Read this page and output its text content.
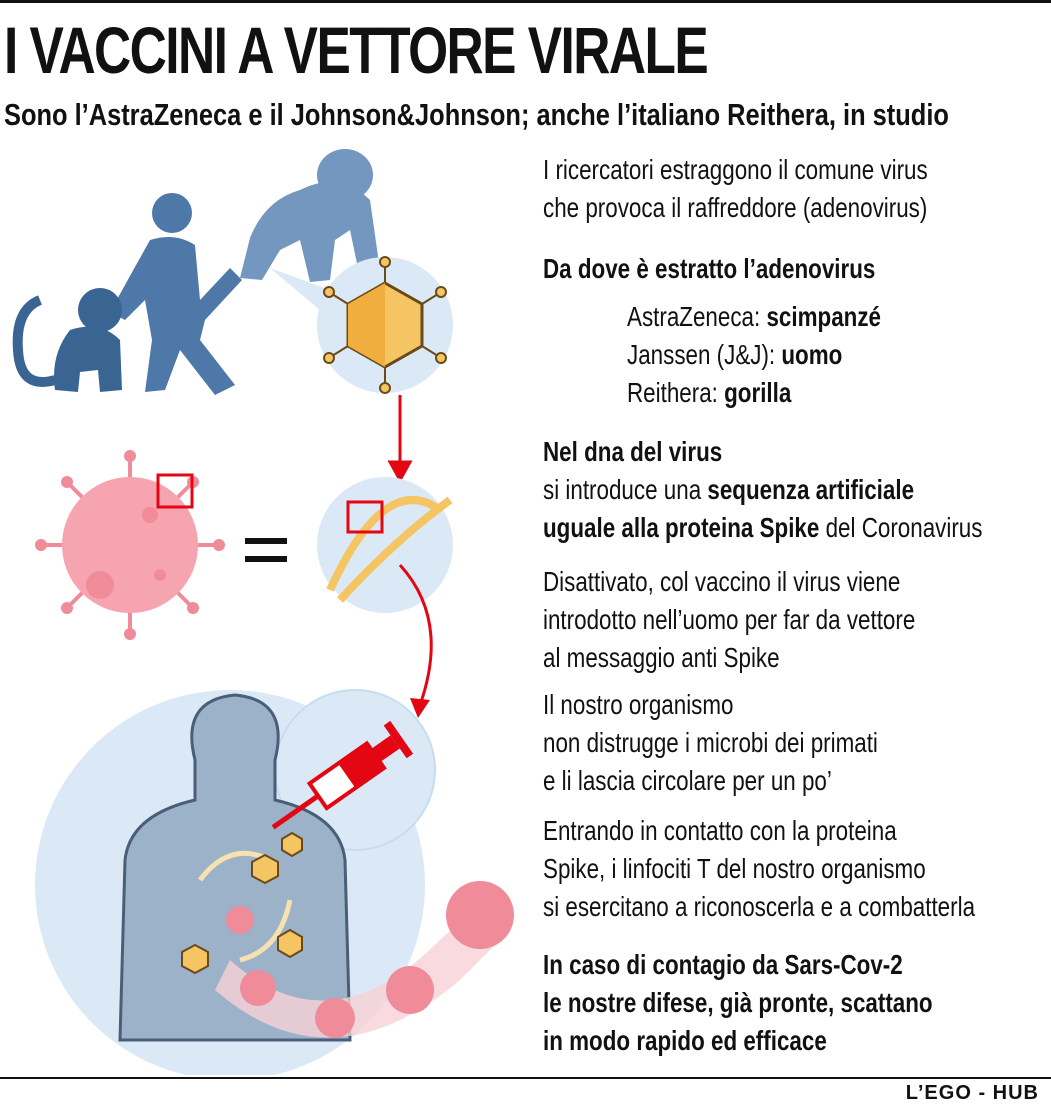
I VACCINI A VETTORE VIRALE
Sono l’AstraZeneca e il Johnson&Johnson; anche l’italiano Reithera, in studio
I ricercatori estraggono il comune virus
che provoca il raffreddore (adenovirus)
Da dove è estratto l’adenovirus
AstraZeneca: scimpanzé
Janssen (J&J): uomo
Reithera: gorilla
Nel dna del virus
si introduce una sequenza artificiale
uguale alla proteina Spike del Coronavirus
Disattivato, col vaccino il virus viene
introdotto nell’uomo per far da vettore
al messaggio anti Spike
Il nostro organismo
non distrugge i microbi dei primati
e li lascia circolare per un po’
Entrando in contatto con la proteina
Spike, i linfociti T del nostro organismo
si esercitano a riconoscerla e a combatterla
In caso di contagio da Sars-Cov-2
le nostre difese, già pronte, scattano
in modo rapido ed efficace
L’EGO - HUB
